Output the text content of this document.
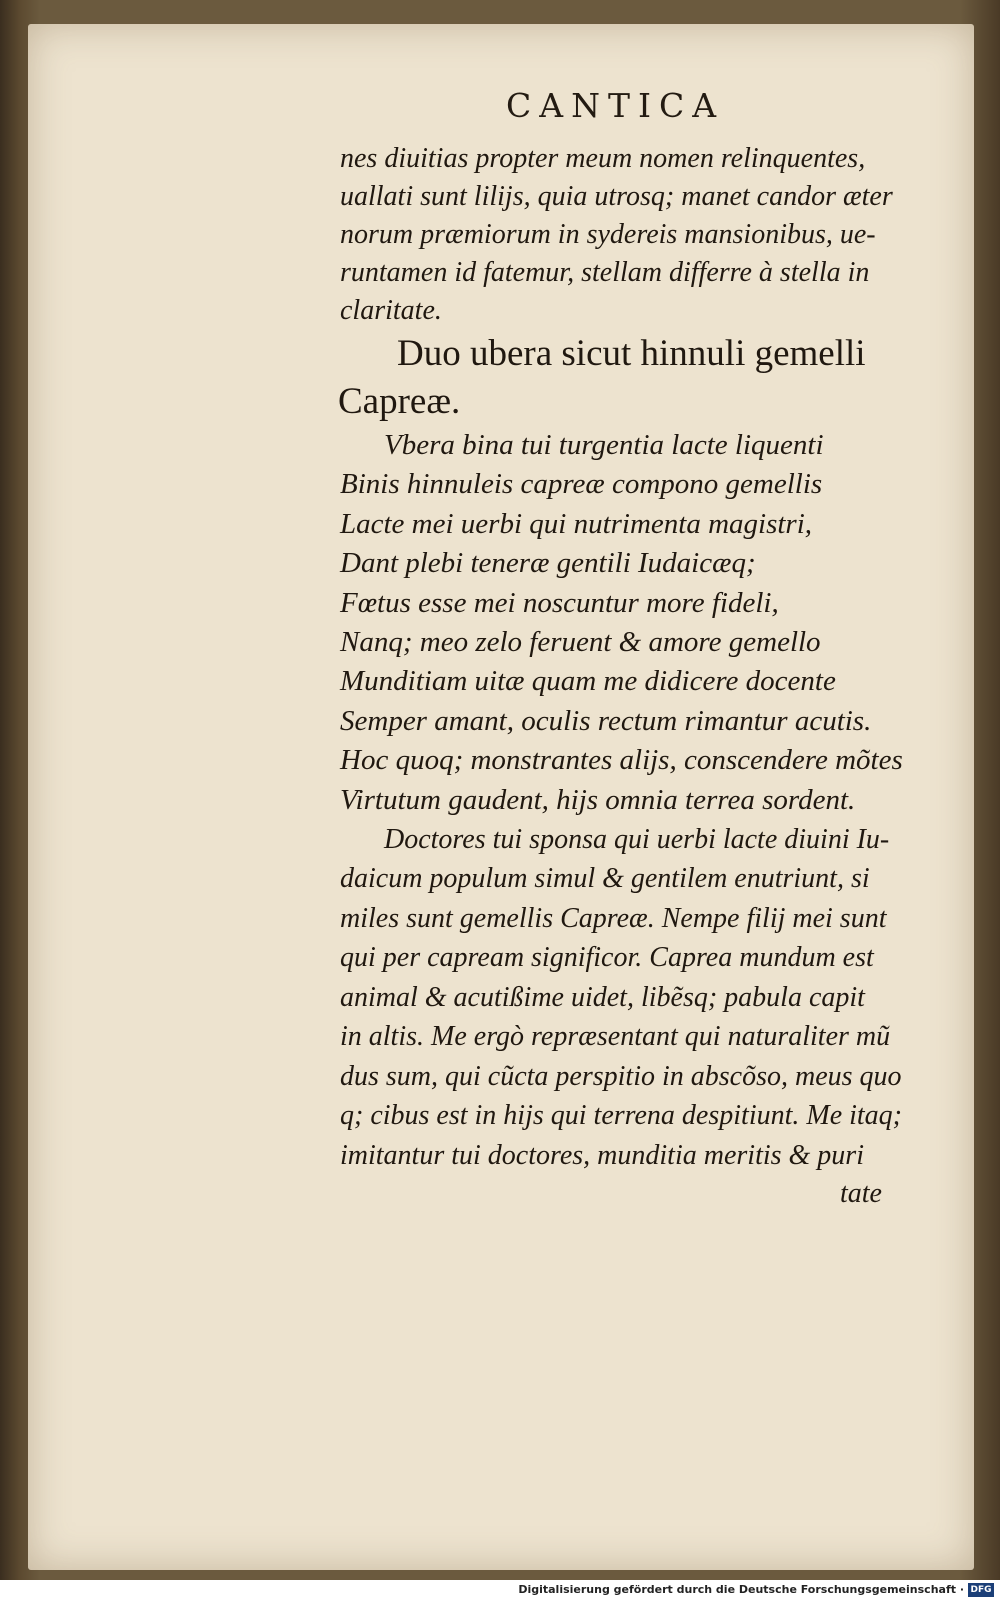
CANTICA
nes diuitias propter meum nomen relinquentes,
uallati sunt lilijs, quia utrosq; manet candor æter
norum præmiorum in sydereis mansionibus, ue-
runtamen id fatemur, stellam differre à stella in
claritate.
Duo ubera sicut hinnuli gemelli
Capreæ.
Vbera bina tui turgentia lacte liquenti
Binis hinnuleis capreæ compono gemellis
Lacte mei uerbi qui nutrimenta magistri,
Dant plebi teneræ gentili Iudaicæq;
Fœtus esse mei noscuntur more fideli,
Nanq; meo zelo feruent & amore gemello
Munditiam uitæ quam me didicere docente
Semper amant, oculis rectum rimantur acutis.
Hoc quoq; monstrantes alijs, conscendere mõtes
Virtutum gaudent, hijs omnia terrea sordent.
Doctores tui sponsa qui uerbi lacte diuini Iu-
daicum populum simul & gentilem enutriunt, si
miles sunt gemellis Capreæ. Nempe filij mei sunt
qui per capream significor. Caprea mundum est
animal & acutißime uidet, libẽsq; pabula capit
in altis. Me ergò repræsentant qui naturaliter mũ
dus sum, qui cũcta perspitio in abscõso, meus quo
q; cibus est in hijs qui terrena despitiunt. Me itaq;
imitantur tui doctores, munditia meritis & puri
tate
Digitalisierung gefördert durch die Deutsche Forschungsgemeinschaft · DFG
